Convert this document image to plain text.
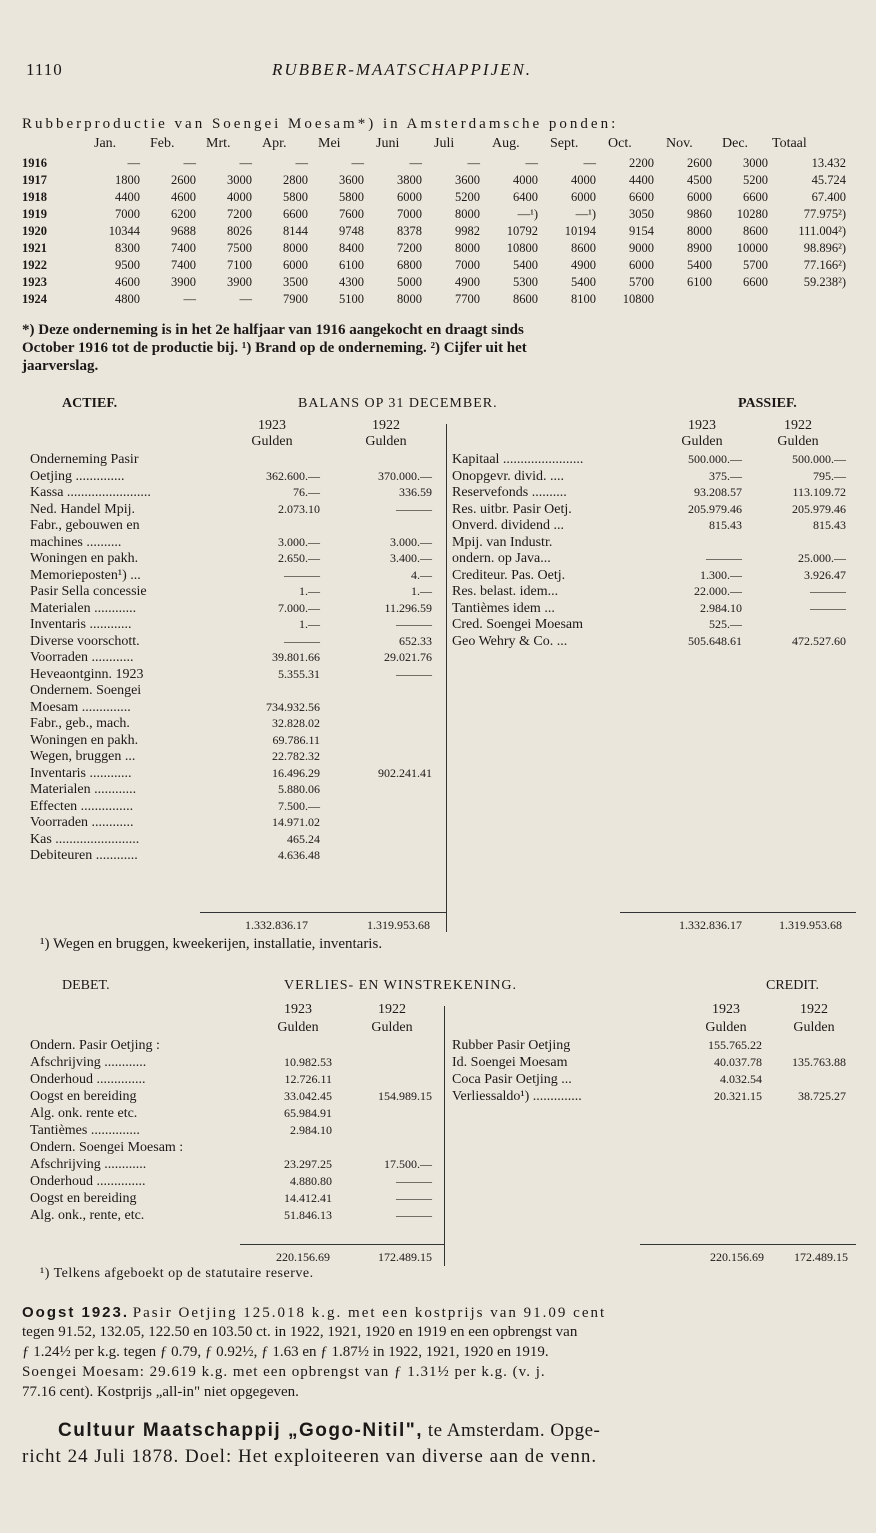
1110	RUBBER-MAATSCHAPPIJEN.
Rubberproductie van Soengei Moesam*) in Amsterdamsche ponden:
Jan. Feb. Mrt. Apr. Mei	Juni Juli	Aug. Sept. Oct. Nov. Dec. Totaal
1916	—	—	—	—	—	—	—	—	—	2200	2600	3000	13.432
1917	1800	2600	3000	2800	3600	3800	3600	4000	4000	4400	4500	5200	45.724
1918	4400	4600	4000	5800	5800	6000	5200	6400	6000	6600	6000	6600	67.400
1919	7000	6200	7200	6600	7600	7000	8000	—¹)	—¹)	3050	9860	10280	77.975²)
1920	10344	9688	8026	8144	9748	8378	9982	10792	10194	9154	8000	8600	111.004²)
1921	8300	7400	7500	8000	8400	7200	8000	10800	8600	9000	8900	10000	98.896²)
1922	9500	7400	7100	6000	6100	6800	7000	5400	4900	6000	5400	5700	77.166²)
1923	4600	3900	3900	3500	4300	5000	4900	5300	5400	5700	6100	6600	59.238²)
1924	4800	—	—	7900	5100	8000	7700	8600	8100	10800
*) Deze onderneming is in het 2e halfjaar van 1916 aangekocht en draagt sinds
October 1916 tot de productie bij. ¹) Brand op de onderneming. ²) Cijfer uit het
jaarverslag.
ACTIEF.	BALANS OP 31 DECEMBER.	PASSIEF.
1923	1922
Gulden	Gulden
1923	1922
Gulden	Gulden
Onderneming Pasir
Oetjing ..............	362.600.—	370.000.—
Kassa ........................	76.—	336.59
Ned. Handel Mpij.	2.073.10	———
Fabr., gebouwen en
machines ..........	3.000.—	3.000.—
Woningen en pakh.	2.650.—	3.400.—
Memorieposten¹) ...	———	4.—
Pasir Sella concessie	1.—	1.—
Materialen ............	7.000.—	11.296.59
Inventaris ............	1.—	———
Diverse voorschott.	———	652.33
Voorraden ............	39.801.66	29.021.76
Heveaontginn. 1923	5.355.31	———
Ondernem. Soengei
Moesam ..............	734.932.56
Fabr., geb., mach.	32.828.02
Woningen en pakh.	69.786.11
Wegen, bruggen ...	22.782.32
Inventaris ............	16.496.29	902.241.41
Materialen ............	5.880.06
Effecten ...............	7.500.—
Voorraden ............	14.971.02
Kas ........................	465.24
Debiteuren ............	4.636.48
Kapitaal .......................	500.000.—	500.000.—
Onopgevr. divid. ....	375.—	795.—
Reservefonds ..........	93.208.57	113.109.72
Res. uitbr. Pasir Oetj.	205.979.46	205.979.46
Onverd. dividend ...	815.43	815.43
Mpij. van Industr.
ondern. op Java...	———	25.000.—
Crediteur. Pas. Oetj.	1.300.—	3.926.47
Res. belast. idem...	22.000.—	———
Tantièmes idem ...	2.984.10	———
Cred. Soengei Moesam	525.—
Geo Wehry & Co. ...	505.648.61	472.527.60
1.332.836.17	1.319.953.68	1.332.836.17	1.319.953.68
¹) Wegen en bruggen, kweekerijen, installatie, inventaris.
DEBET.	VERLIES- EN WINSTREKENING.	CREDIT.
1923	1922
Gulden	Gulden
1923	1922
Gulden	Gulden
Ondern. Pasir Oetjing :
Afschrijving ............	10.982.53
Onderhoud ..............	12.726.11
Oogst en bereiding	33.042.45	154.989.15
Alg. onk. rente etc.	65.984.91
Tantièmes ..............	2.984.10
Ondern. Soengei Moesam :
Afschrijving ............	23.297.25	17.500.—
Onderhoud ..............	4.880.80	———
Oogst en bereiding	14.412.41	———
Alg. onk., rente, etc.	51.846.13	———
Rubber Pasir Oetjing	155.765.22
Id. Soengei Moesam	40.037.78	135.763.88
Coca Pasir Oetjing ...	4.032.54
Verliessaldo¹) ..............	20.321.15	38.725.27
220.156.69	172.489.15	220.156.69	172.489.15
¹) Telkens afgeboekt op de statutaire reserve.
Oogst 1923. Pasir Oetjing 125.018 k.g. met een kostprijs van 91.09 cent
tegen 91.52, 132.05, 122.50 en 103.50 ct. in 1922, 1921, 1920 en 1919 en een opbrengst van
ƒ 1.24½ per k.g. tegen ƒ 0.79, ƒ 0.92½, ƒ 1.63 en ƒ 1.87½ in 1922, 1921, 1920 en 1919.
Soengei Moesam: 29.619 k.g. met een opbrengst van ƒ 1.31½ per k.g. (v. j.
77.16 cent). Kostprijs „all-in" niet opgegeven.
Cultuur Maatschappij „Gogo-Nitil", te Amsterdam. Opge-
richt 24 Juli 1878. Doel: Het exploiteeren van diverse aan de venn.
